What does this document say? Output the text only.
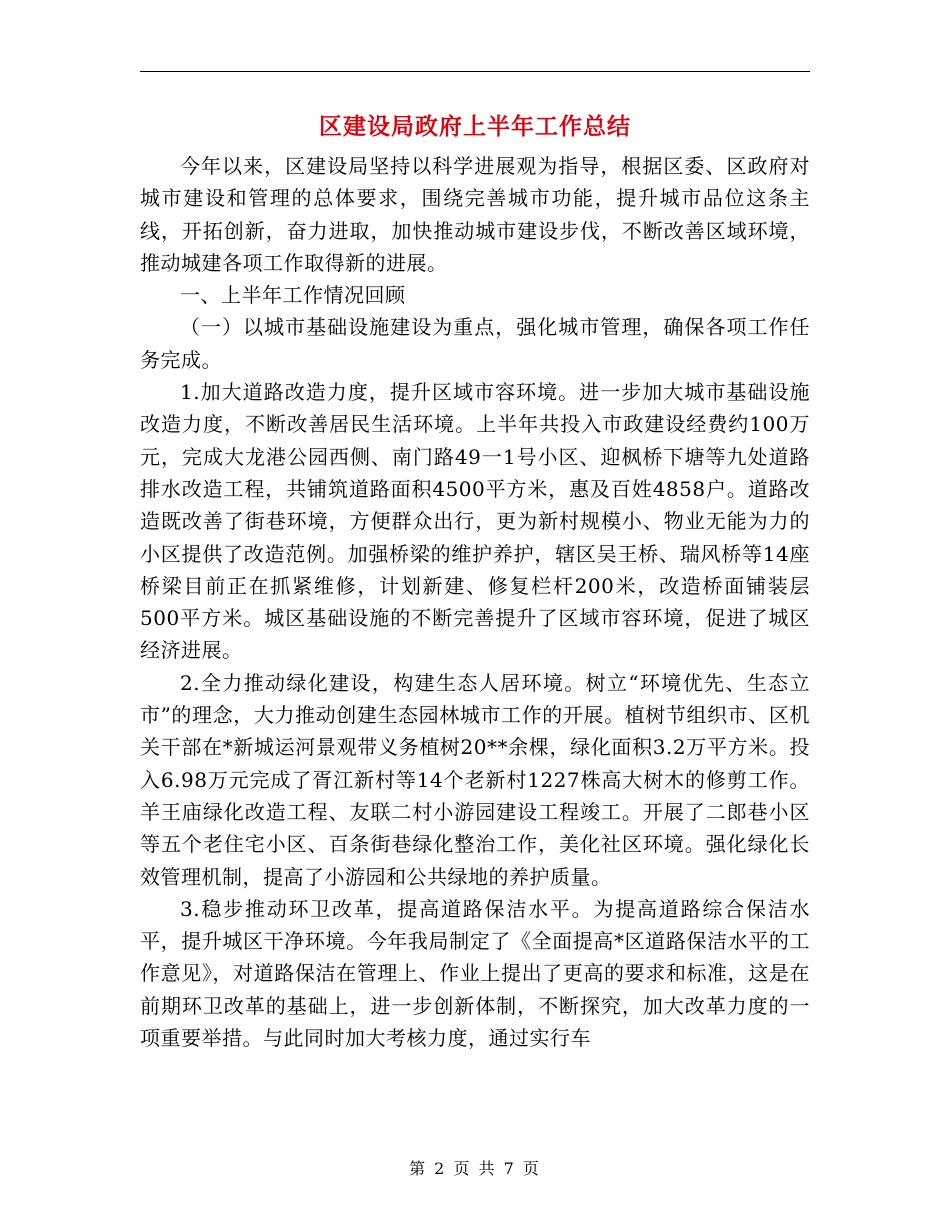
区建设局政府上半年工作总结

今年以来，区建设局坚持以科学进展观为指导，根据区委、区政府对城市建设和管理的总体要求，围绕完善城市功能，提升城市品位这条主线，开拓创新，奋力进取，加快推动城市建设步伐，不断改善区域环境，推动城建各项工作取得新的进展。

一、上半年工作情况回顾

（一）以城市基础设施建设为重点，强化城市管理，确保各项工作任务完成。

1.加大道路改造力度，提升区域市容环境。进一步加大城市基础设施改造力度，不断改善居民生活环境。上半年共投入市政建设经费约100万元，完成大龙港公园西侧、南门路49一1号小区、迎枫桥下塘等九处道路排水改造工程，共铺筑道路面积4500平方米，惠及百姓4858户。道路改造既改善了街巷环境，方便群众出行，更为新村规模小、物业无能为力的小区提供了改造范例。加强桥梁的维护养护，辖区吴王桥、瑞风桥等14座桥梁目前正在抓紧维修，计划新建、修复栏杆200米，改造桥面铺装层500平方米。城区基础设施的不断完善提升了区域市容环境，促进了城区经济进展。

2.全力推动绿化建设，构建生态人居环境。树立“环境优先、生态立市”的理念，大力推动创建生态园林城市工作的开展。植树节组织市、区机关干部在*新城运河景观带义务植树20**余棵，绿化面积3.2万平方米。投入6.98万元完成了胥江新村等14个老新村1227株高大树木的修剪工作。羊王庙绿化改造工程、友联二村小游园建设工程竣工。开展了二郎巷小区等五个老住宅小区、百条街巷绿化整治工作，美化社区环境。强化绿化长效管理机制，提高了小游园和公共绿地的养护质量。

3.稳步推动环卫改革，提高道路保洁水平。为提高道路综合保洁水平，提升城区干净环境。今年我局制定了《全面提高*区道路保洁水平的工作意见》，对道路保洁在管理上、作业上提出了更高的要求和标准，这是在前期环卫改革的基础上，进一步创新体制，不断探究，加大改革力度的一项重要举措。与此同时加大考核力度，通过实行车

第 2 页 共 7 页
